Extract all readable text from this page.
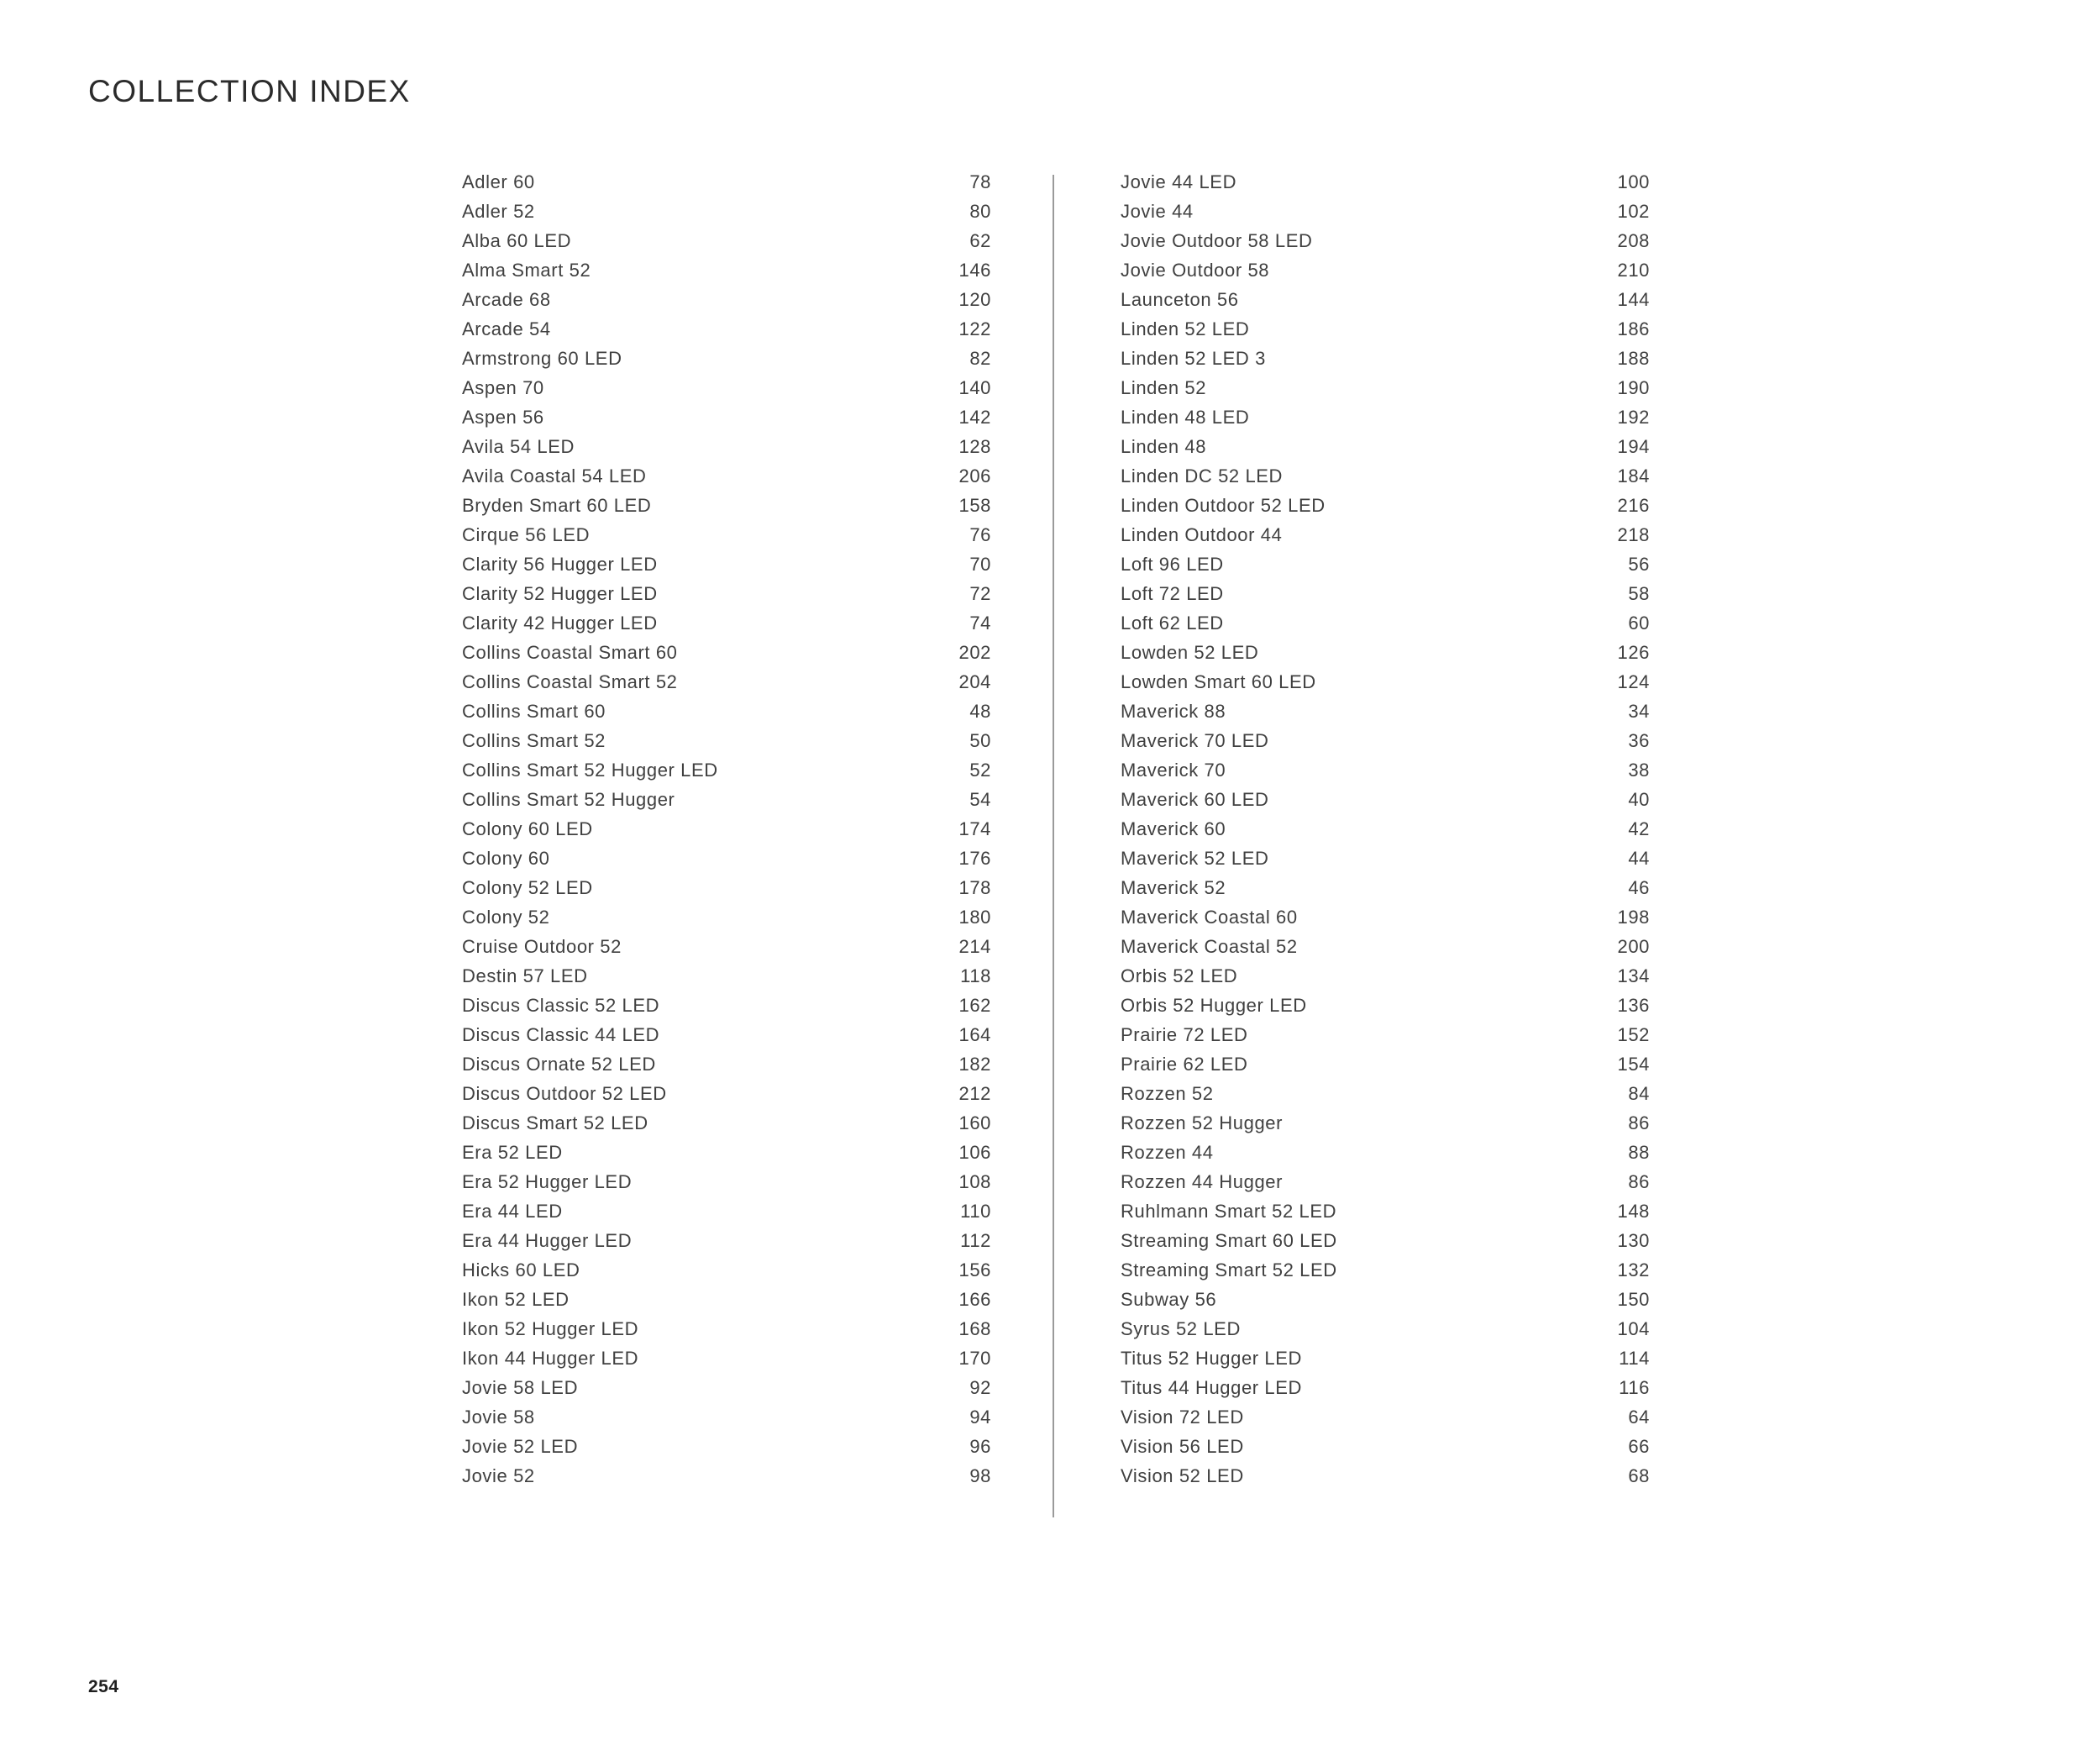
COLLECTION INDEX
Adler 60	78
Adler 52	80
Alba 60 LED	62
Alma Smart 52	146
Arcade 68	120
Arcade 54	122
Armstrong 60 LED	82
Aspen 70	140
Aspen 56	142
Avila 54 LED	128
Avila Coastal 54 LED	206
Bryden Smart 60 LED	158
Cirque 56 LED	76
Clarity 56 Hugger LED	70
Clarity 52 Hugger LED	72
Clarity 42 Hugger LED	74
Collins Coastal Smart 60	202
Collins Coastal Smart 52	204
Collins Smart 60	48
Collins Smart 52	50
Collins Smart 52 Hugger LED	52
Collins Smart 52 Hugger	54
Colony 60 LED	174
Colony 60	176
Colony 52 LED	178
Colony 52	180
Cruise Outdoor 52	214
Destin 57 LED	118
Discus Classic 52 LED	162
Discus Classic 44 LED	164
Discus Ornate 52 LED	182
Discus Outdoor 52 LED	212
Discus Smart 52 LED	160
Era 52 LED	106
Era 52 Hugger LED	108
Era 44 LED	110
Era 44 Hugger LED	112
Hicks 60 LED	156
Ikon 52 LED	166
Ikon 52 Hugger LED	168
Ikon 44 Hugger LED	170
Jovie 58 LED	92
Jovie 58	94
Jovie 52 LED	96
Jovie 52	98
Jovie 44 LED	100
Jovie 44	102
Jovie Outdoor 58 LED	208
Jovie Outdoor 58	210
Launceton 56	144
Linden 52 LED	186
Linden 52 LED 3	188
Linden 52	190
Linden 48 LED	192
Linden 48	194
Linden DC 52 LED	184
Linden Outdoor 52 LED	216
Linden Outdoor 44	218
Loft 96 LED	56
Loft 72 LED	58
Loft 62 LED	60
Lowden 52 LED	126
Lowden Smart 60 LED	124
Maverick 88	34
Maverick 70 LED	36
Maverick 70	38
Maverick 60 LED	40
Maverick 60	42
Maverick 52 LED	44
Maverick 52	46
Maverick Coastal 60	198
Maverick Coastal 52	200
Orbis 52 LED	134
Orbis 52 Hugger LED	136
Prairie 72 LED	152
Prairie 62 LED	154
Rozzen 52	84
Rozzen 52 Hugger	86
Rozzen 44	88
Rozzen 44 Hugger	86
Ruhlmann Smart 52 LED	148
Streaming Smart 60 LED	130
Streaming Smart 52 LED	132
Subway 56	150
Syrus 52 LED	104
Titus 52 Hugger LED	114
Titus 44 Hugger LED	116
Vision 72 LED	64
Vision 56 LED	66
Vision 52 LED	68
254
